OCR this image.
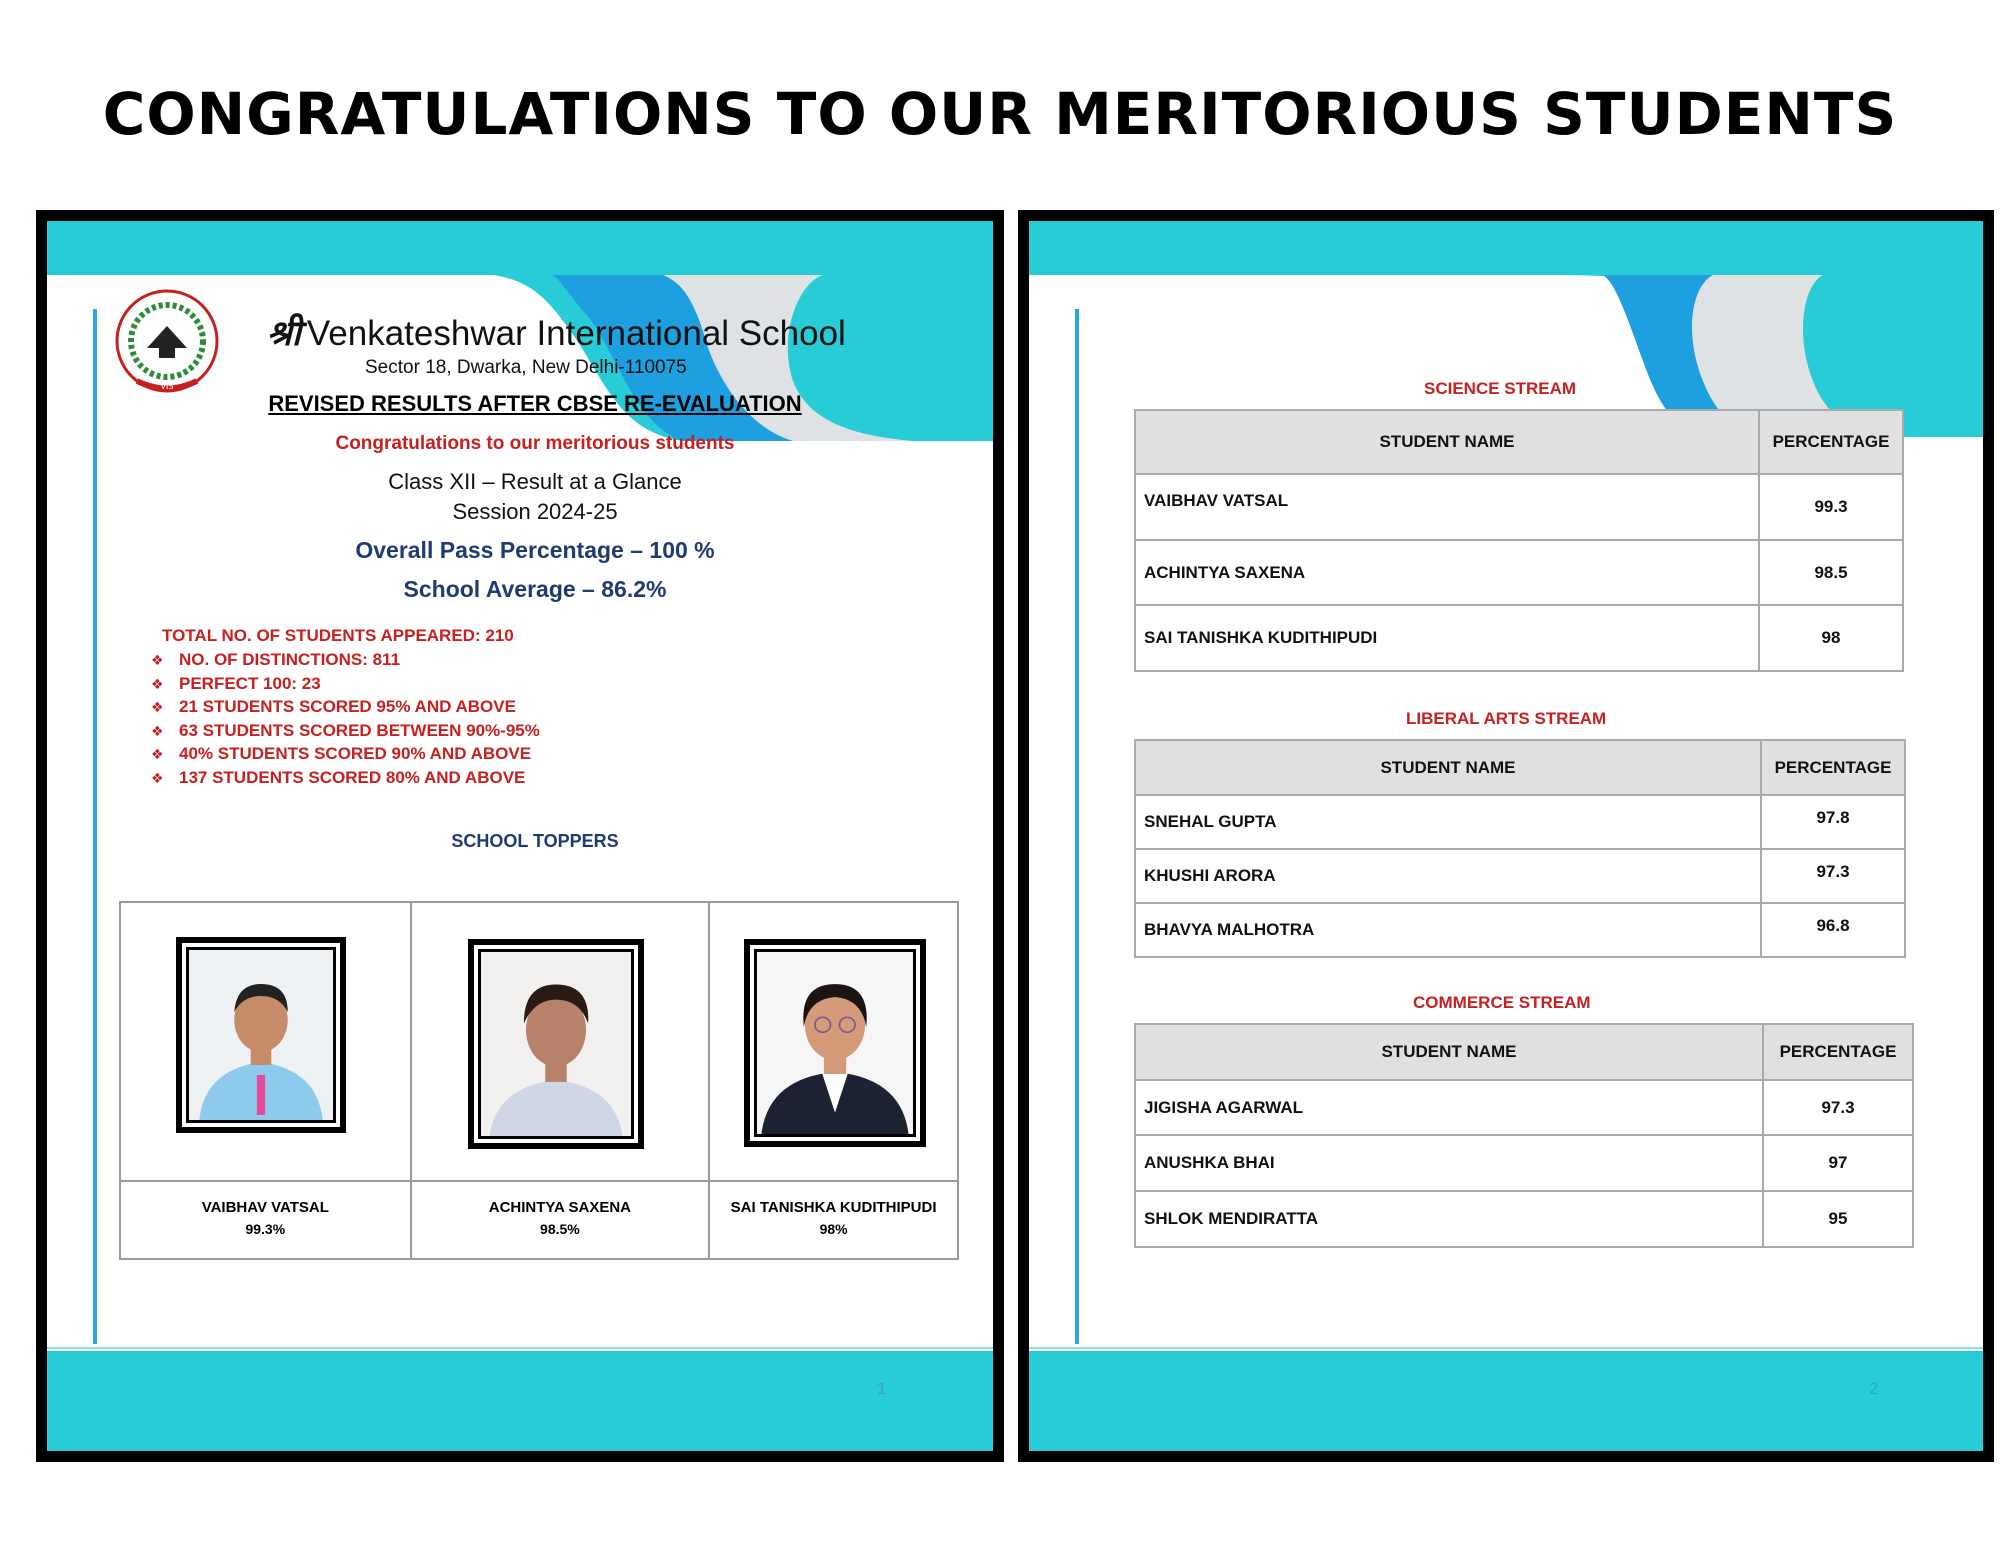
CONGRATULATIONS TO OUR MERITORIOUS STUDENTS
VIS
श्री Venkateshwar International School
Sector 18, Dwarka, New Delhi-110075
REVISED RESULTS AFTER CBSE RE-EVALUATION
Congratulations to our meritorious students
Class XII – Result at a Glance
Session 2024-25
Overall Pass Percentage – 100 %
School Average – 86.2%
TOTAL NO. OF STUDENTS APPEARED: 210
❖ NO. OF DISTINCTIONS: 811
❖ PERFECT 100: 23
❖ 21 STUDENTS SCORED 95% AND ABOVE
❖ 63 STUDENTS SCORED BETWEEN 90%-95%
❖ 40% STUDENTS SCORED 90% AND ABOVE
❖ 137 STUDENTS SCORED 80% AND ABOVE
SCHOOL TOPPERS
VAIBHAV VATSAL
99.3%
ACHINTYA SAXENA
98.5%
SAI TANISHKA KUDITHIPUDI
98%
1
SCIENCE STREAM
STUDENT NAME	PERCENTAGE
VAIBHAV VATSAL	99.3
ACHINTYA SAXENA	98.5
SAI TANISHKA KUDITHIPUDI	98
LIBERAL ARTS STREAM
STUDENT NAME	PERCENTAGE
SNEHAL GUPTA	97.8
KHUSHI ARORA	97.3
BHAVYA MALHOTRA	96.8
COMMERCE STREAM
STUDENT NAME	PERCENTAGE
JIGISHA AGARWAL	97.3
ANUSHKA BHAI	97
SHLOK MENDIRATTA	95
2
